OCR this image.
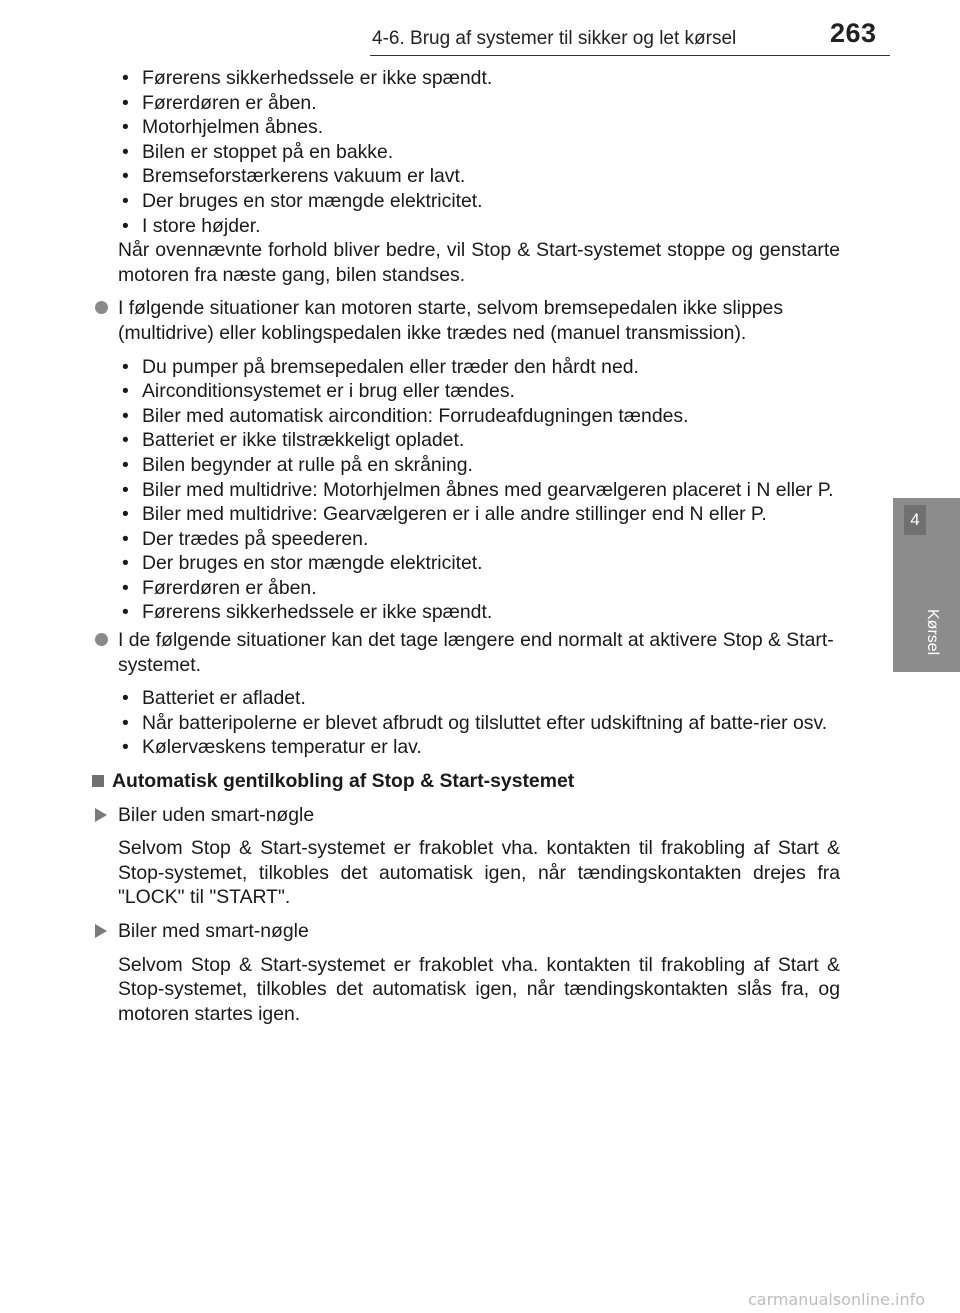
4-6. Brug af systemer til sikker og let kørsel	263
4
• Førerens sikkerhedssele er ikke spændt.
• Førerdøren er åben.
• Motorhjelmen åbnes.
• Bilen er stoppet på en bakke.
• Bremseforstærkerens vakuum er lavt.
• Der bruges en stor mængde elektricitet.
• I store højder.

Når ovennævnte forhold bliver bedre, vil Stop & Start-systemet stoppe og genstarte motoren fra næste gang, bilen standses.

I følgende situationer kan motoren starte, selvom bremsepedalen ikke slippes (multidrive) eller koblingspedalen ikke trædes ned (manuel transmission).

• Du pumper på bremsepedalen eller træder den hårdt ned.
• Airconditionsystemet er i brug eller tændes.
• Biler med automatisk aircondition: Forrudeafdugningen tændes.
• Batteriet er ikke tilstrækkeligt opladet.
• Bilen begynder at rulle på en skråning.
• Biler med multidrive: Motorhjelmen åbnes med gearvælgeren placeret i N eller P.
• Biler med multidrive: Gearvælgeren er i alle andre stillinger end N eller P.
• Der trædes på speederen.
• Der bruges en stor mængde elektricitet.
• Førerdøren er åben.
• Førerens sikkerhedssele er ikke spændt.

I de følgende situationer kan det tage længere end normalt at aktivere Stop & Start-systemet.

• Batteriet er afladet.
• Når batteripolerne er blevet afbrudt og tilsluttet efter udskiftning af batte-rier osv.
• Kølervæskens temperatur er lav.
Automatisk gentilkobling af Stop & Start-systemet
Biler uden smart-nøgle

Selvom Stop & Start-systemet er frakoblet vha. kontakten til frakobling af Start & Stop-systemet, tilkobles det automatisk igen, når tændingskontakten drejes fra "LOCK" til "START".

Biler med smart-nøgle

Selvom Stop & Start-systemet er frakoblet vha. kontakten til frakobling af Start & Stop-systemet, tilkobles det automatisk igen, når tændingskontakten slås fra, og motoren startes igen.

carmanualsonline.info
